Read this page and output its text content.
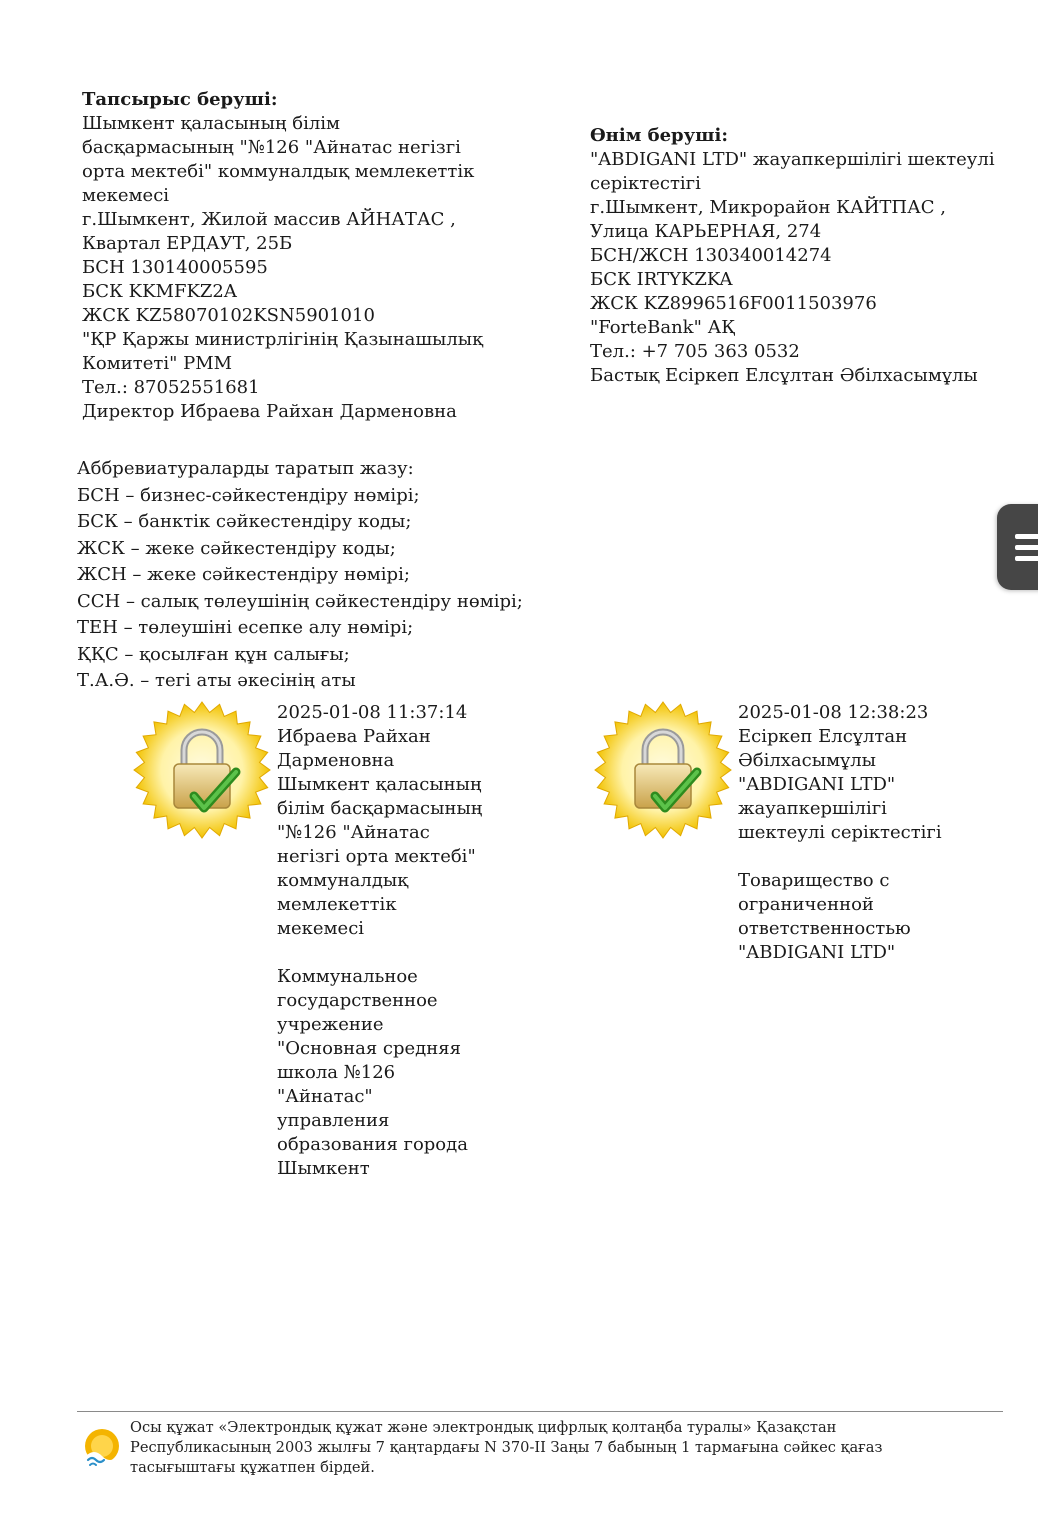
Тапсырыс беруші:
Шымкент қаласының білім
басқармасының "№126 "Айнатас негізгі
орта мектебі" коммуналдық мемлекеттік
мекемесі
г.Шымкент, Жилой массив АЙНАТАС ,
Квартал ЕРДАУТ, 25Б
БСН 130140005595
БСК KKMFKZ2A
ЖСК KZ58070102KSN5901010
"ҚР Қаржы министрлігінің Қазынашылық
Комитеті" РММ
Тел.: 87052551681
Директор Ибраева Райхан Дарменовна
Өнім беруші:
"ABDIGANI LTD" жауапкершілігі шектеулі
серіктестігі
г.Шымкент, Микрорайон КАЙТПАС ,
Улица КАРЬЕРНАЯ, 274
БСН/ЖСН 130340014274
БСК IRTYKZKA
ЖСК KZ8996516F0011503976
"ForteBank" АҚ
Тел.: +7 705 363 0532
Бастық Есіркеп Елсұлтан Әбілхасымұлы
Аббревиатураларды таратып жазу:
БСН – бизнес-сәйкестендіру нөмірі;
БСК – банктік сәйкестендіру коды;
ЖСК – жеке сәйкестендіру коды;
ЖСН – жеке сәйкестендіру нөмірі;
ССН – салық төлеушінің сәйкестендіру нөмірі;
ТЕН – төлеушіні есепке алу нөмірі;
ҚҚС – қосылған құн салығы;
Т.А.Ә. – тегі аты әкесінің аты
2025-01-08 11:37:14
Ибраева Райхан
Дарменовна
Шымкент қаласының
білім басқармасының
"№126 "Айнатас
негізгі орта мектебі"
коммуналдық
мемлекеттік
мекемесі
Коммунальное
государственное
учрежение
"Основная средняя
школа №126
"Айнатас"
управления
образования города
Шымкент
2025-01-08 12:38:23
Есіркеп Елсұлтан
Әбілхасымұлы
"ABDIGANI LTD"
жауапкершілігі
шектеулі серіктестігі
Товарищество с
ограниченной
ответственностью
"ABDIGANI LTD"
Осы құжат «Электрондық құжат және электрондық цифрлық қолтаңба туралы» Қазақстан
Республикасының 2003 жылғы 7 қаңтардағы N 370-II Заңы 7 бабының 1 тармағына сәйкес қағаз
тасығыштағы құжатпен бірдей.
